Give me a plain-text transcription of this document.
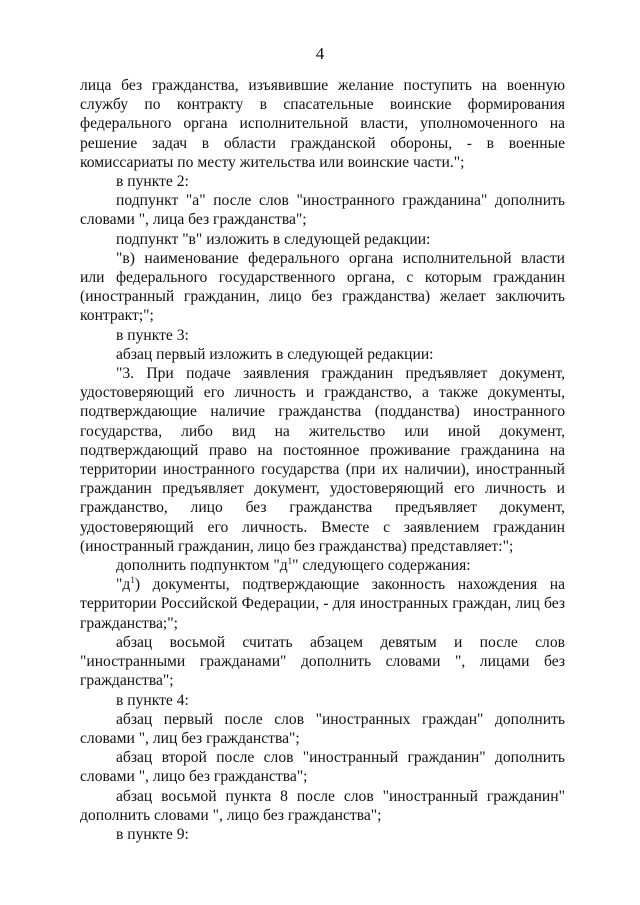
4

лица без гражданства, изъявившие желание поступить на военную службу по контракту в спасательные воинские формирования федерального органа исполнительной власти, уполномоченного на решение задач в области гражданской обороны, - в военные комиссариаты по месту жительства или воинские части.";

в пункте 2:

подпункт "а" после слов "иностранного гражданина" дополнить словами ", лица без гражданства";

подпункт "в" изложить в следующей редакции:

"в) наименование федерального органа исполнительной власти или федерального государственного органа, с которым гражданин (иностранный гражданин, лицо без гражданства) желает заключить контракт;";

в пункте 3:

абзац первый изложить в следующей редакции:

"3. При подаче заявления гражданин предъявляет документ, удостоверяющий его личность и гражданство, а также документы, подтверждающие наличие гражданства (подданства) иностранного государства, либо вид на жительство или иной документ, подтверждающий право на постоянное проживание гражданина на территории иностранного государства (при их наличии), иностранный гражданин предъявляет документ, удостоверяющий его личность и гражданство, лицо без гражданства предъявляет документ, удостоверяющий его личность. Вместе с заявлением гражданин (иностранный гражданин, лицо без гражданства) представляет:";

дополнить подпунктом "$д^1$" следующего содержания:

"$д^1$) документы, подтверждающие законность нахождения на территории Российской Федерации, - для иностранных граждан, лиц без гражданства;";

абзац восьмой считать абзацем девятым и после слов "иностранными гражданами" дополнить словами ", лицами без гражданства";

в пункте 4:

абзац первый после слов "иностранных граждан" дополнить словами ", лиц без гражданства";

абзац второй после слов "иностранный гражданин" дополнить словами ", лицо без гражданства";

абзац восьмой пункта 8 после слов "иностранный гражданин" дополнить словами ", лицо без гражданства";

в пункте 9:
